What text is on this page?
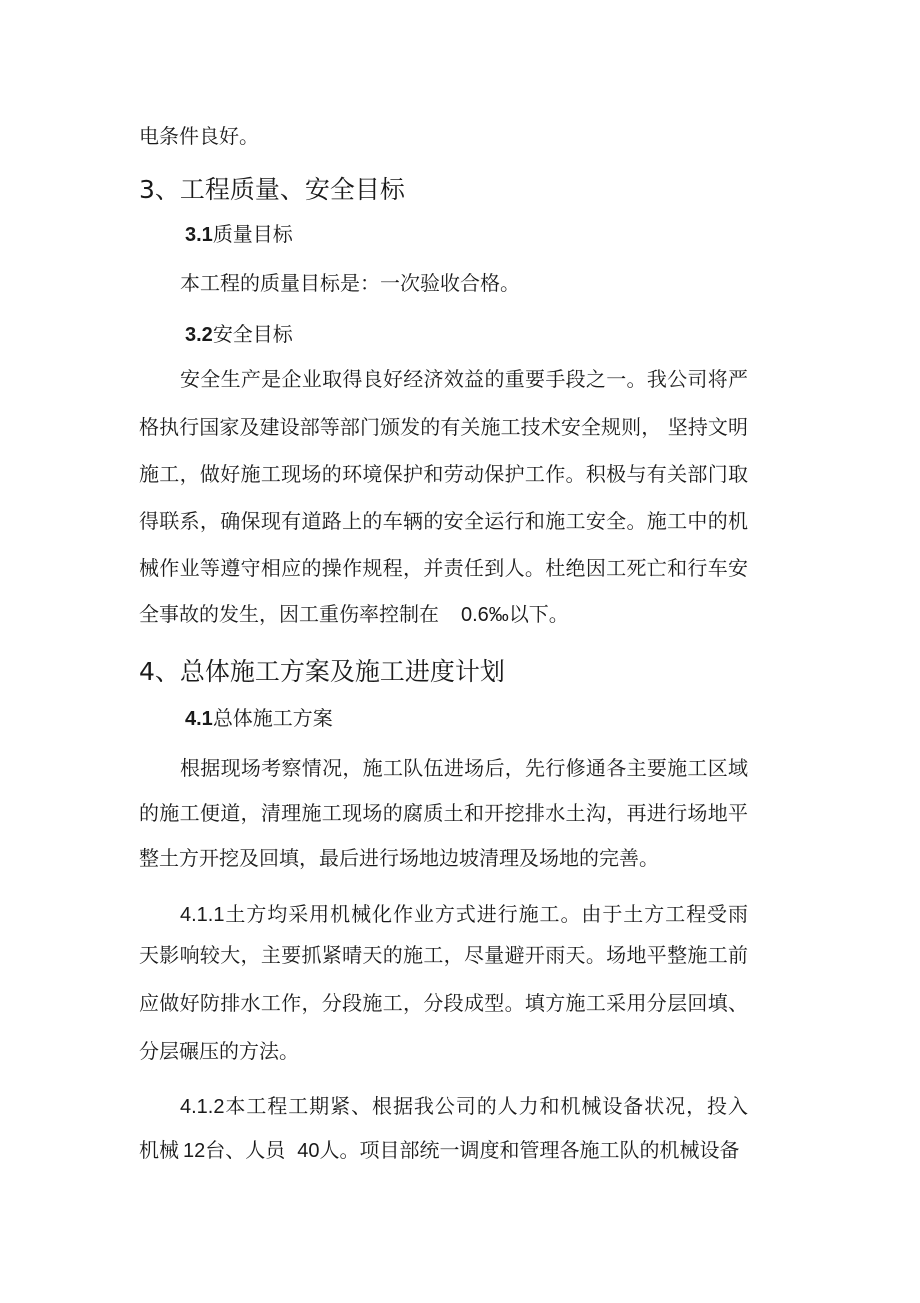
电条件良好。
3、工程质量、安全目标
3.1质量目标
本工程的质量目标是：一次验收合格。
3.2安全目标
安全生产是企业取得良好经济效益的重要手段之一。我公司将严
格执行国家及建设部等部门颁发的有关施工技术安全规则， 坚持文明
施工，做好施工现场的环境保护和劳动保护工作。积极与有关部门取
得联系，确保现有道路上的车辆的安全运行和施工安全。施工中的机
械作业等遵守相应的操作规程，并责任到人。杜绝因工死亡和行车安
全事故的发生，因工重伤率控制在 0.6‰以下。
4、总体施工方案及施工进度计划
4.1总体施工方案
根据现场考察情况，施工队伍进场后，先行修通各主要施工区域
的施工便道，清理施工现场的腐质土和开挖排水土沟，再进行场地平
整土方开挖及回填，最后进行场地边坡清理及场地的完善。
4.1.1土方均采用机械化作业方式进行施工。由于土方工程受雨
天影响较大，主要抓紧晴天的施工，尽量避开雨天。场地平整施工前
应做好防排水工作，分段施工，分段成型。填方施工采用分层回填、
分层碾压的方法。
4.1.2本工程工期紧、根据我公司的人力和机械设备状况，投入
机械 12台、人员 40人。项目部统一调度和管理各施工队的机械设备
